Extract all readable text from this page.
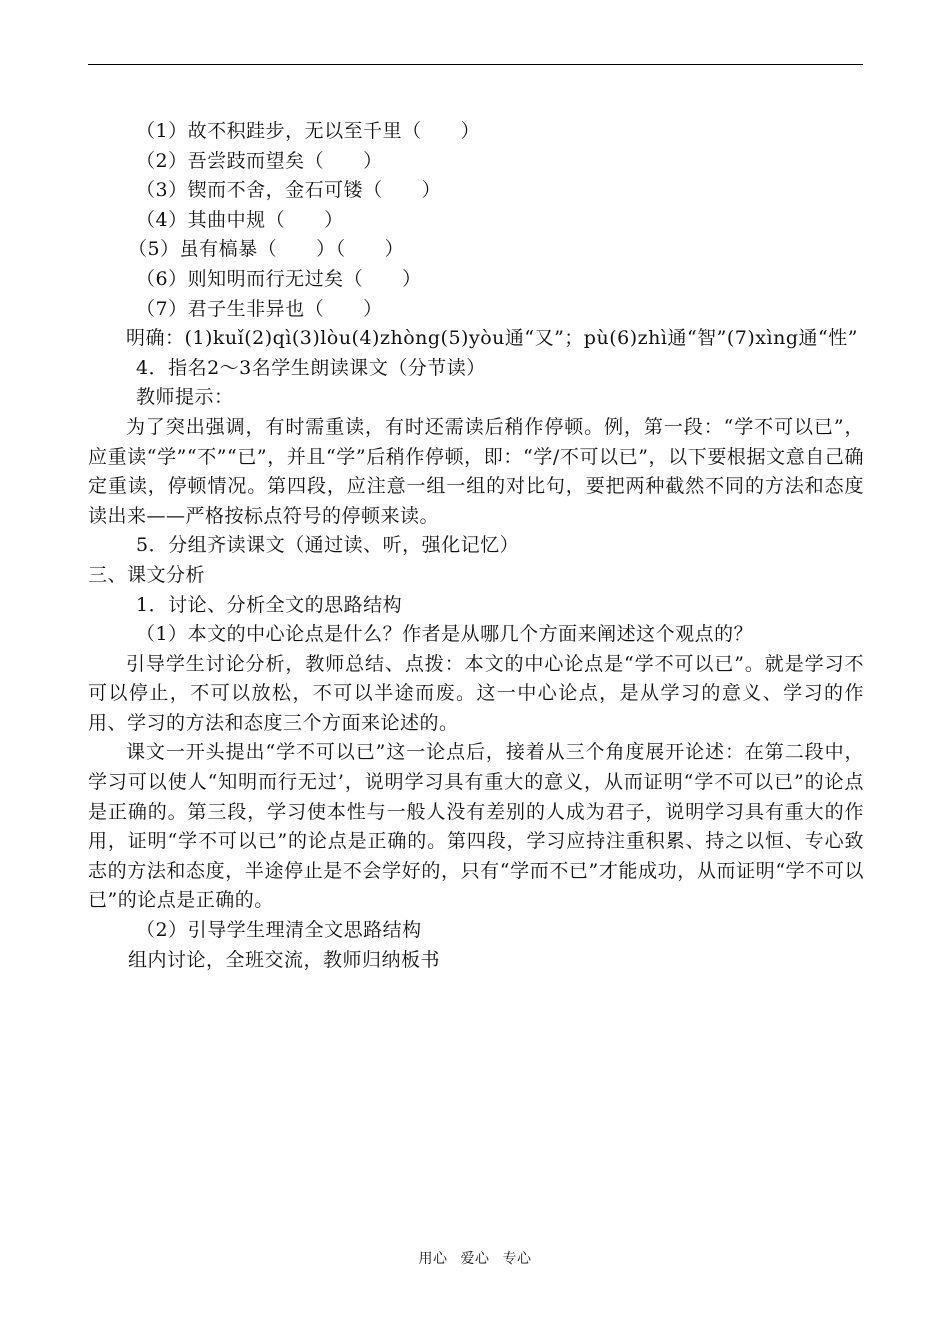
（1）故不积跬步，无以至千里（　　）

（2）吾尝跂而望矣（　　）

（3）锲而不舍，金石可镂（　　）

（4）其曲中规（　　）

（5）虽有槁暴（　　）（　　）

（6）则知明而行无过矣（　　）

（7）君子生非异也（　　）

明确：(1)kuǐ(2)qì(3)lòu(4)zhòng(5)yòu通“又”；pù(6)zhì通“智”(7)xìng通“性”

4．指名2～3名学生朗读课文（分节读）

教师提示：

为了突出强调，有时需重读，有时还需读后稍作停顿。例，第一段：“学不可以已”，应重读“学”“不”“已”，并且“学”后稍作停顿，即：“学/不可以已”，以下要根据文意自己确定重读，停顿情况。第四段，应注意一组一组的对比句，要把两种截然不同的方法和态度读出来——严格按标点符号的停顿来读。

5．分组齐读课文（通过读、听，强化记忆）

三、课文分析

1．讨论、分析全文的思路结构

（1）本文的中心论点是什么？作者是从哪几个方面来阐述这个观点的？

引导学生讨论分析，教师总结、点拨：本文的中心论点是“学不可以已”。就是学习不可以停止，不可以放松，不可以半途而废。这一中心论点，是从学习的意义、学习的作用、学习的方法和态度三个方面来论述的。

课文一开头提出“学不可以已”这一论点后，接着从三个角度展开论述：在第二段中，学习可以使人“知明而行无过’，说明学习具有重大的意义，从而证明“学不可以已”的论点是正确的。第三段，学习使本性与一般人没有差别的人成为君子，说明学习具有重大的作用，证明“学不可以已”的论点是正确的。第四段，学习应持注重积累、持之以恒、专心致志的方法和态度，半途停止是不会学好的，只有“学而不已”才能成功，从而证明“学不可以已”的论点是正确的。

（2）引导学生理清全文思路结构

组内讨论，全班交流，教师归纳板书

用心 爱心 专心
